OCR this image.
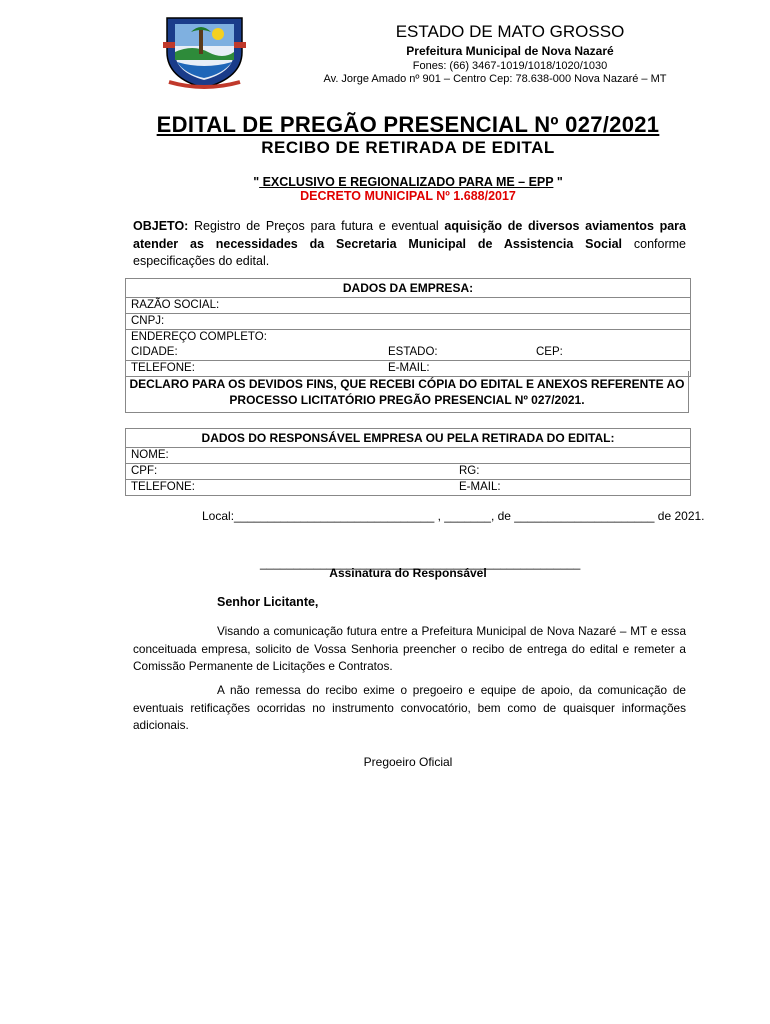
ESTADO DE MATO GROSSO
Prefeitura Municipal de Nova Nazaré
Fones: (66) 3467-1019/1018/1020/1030
Av. Jorge Amado nº 901 – Centro Cep: 78.638-000 Nova Nazaré – MT
EDITAL DE PREGÃO PRESENCIAL Nº 027/2021
RECIBO DE RETIRADA DE EDITAL
" EXCLUSIVO E REGIONALIZADO PARA ME – EPP "
DECRETO MUNICIPAL Nº 1.688/2017
OBJETO: Registro de Preços para futura e eventual aquisição de diversos aviamentos para atender as necessidades da Secretaria Municipal de Assistencia Social conforme especificações do edital.
DADOS DA EMPRESA:
RAZÃO SOCIAL:
CNPJ:
ENDEREÇO COMPLETO:
CIDADE:	ESTADO:	CEP:
TELEFONE:	E-MAIL:
DECLARO PARA OS DEVIDOS FINS, QUE RECEBI CÓPIA DO EDITAL E ANEXOS REFERENTE AO PROCESSO LICITATÓRIO PREGÃO PRESENCIAL Nº 027/2021.
DADOS DO RESPONSÁVEL EMPRESA OU PELA RETIRADA DO EDITAL:
NOME:
CPF:	RG:
TELEFONE:	E-MAIL:
Local:______________________________ , _______, de _____________________ de 2021.
________________________________________________
Assinatura do Responsável
Senhor Licitante,
Visando a comunicação futura entre a Prefeitura Municipal de Nova Nazaré – MT e essa conceituada empresa, solicito de Vossa Senhoria preencher o recibo de entrega do edital e remeter a Comissão Permanente de Licitações e Contratos.
A não remessa do recibo exime o pregoeiro e equipe de apoio, da comunicação de eventuais retificações ocorridas no instrumento convocatório, bem como de quaisquer informações adicionais.
Pregoeiro Oficial
